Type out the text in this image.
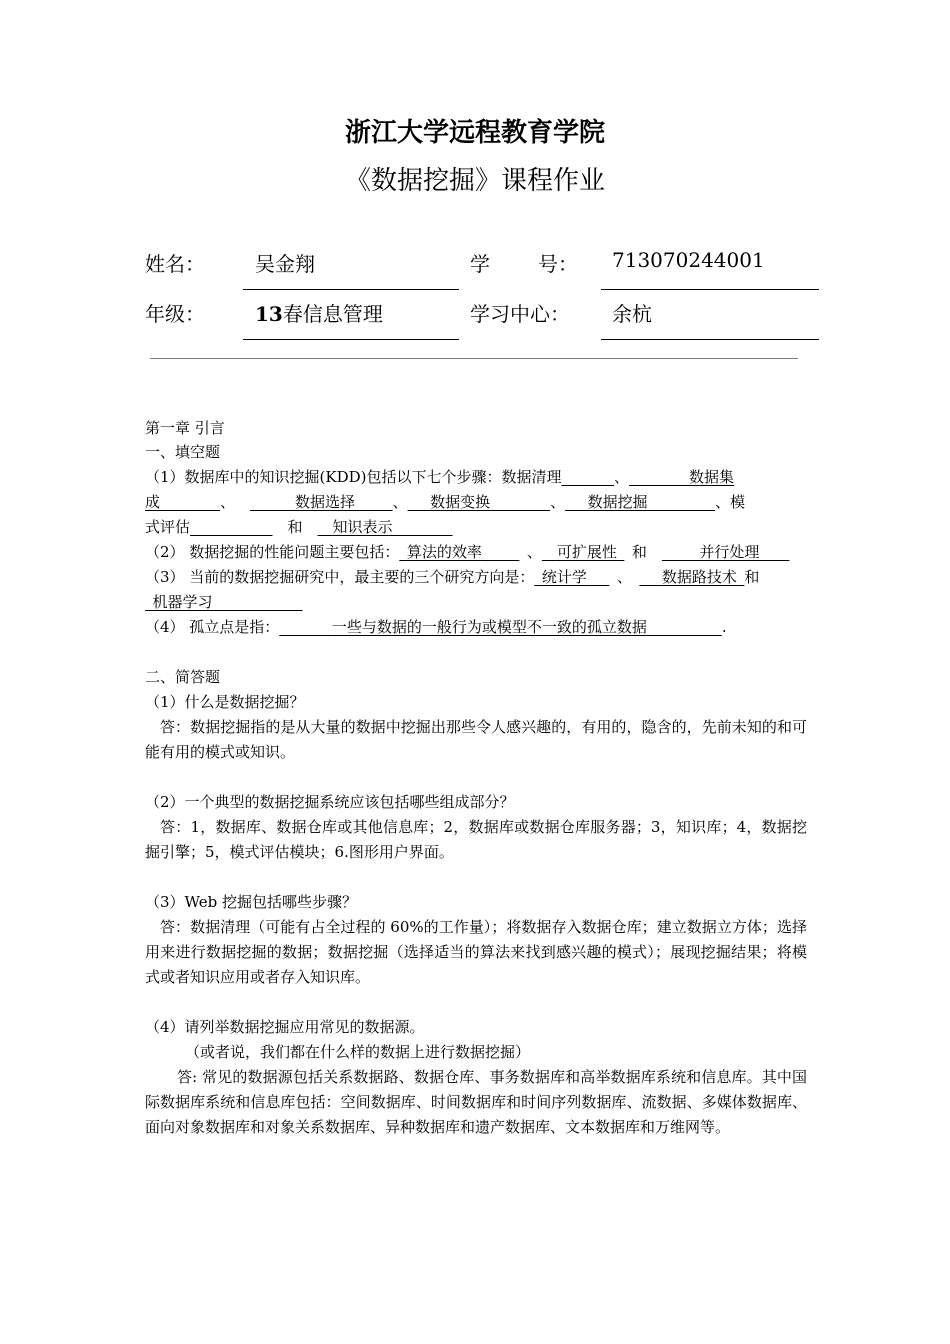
浙江大学远程教育学院
《数据挖掘》课程作业
姓名：	吴金翔	学 号： 713070244001
年级：	13春信息管理	学习中心： 余杭
第一章 引言
一、填空题
（1）数据库中的知识挖掘(KDD)包括以下七个步骤：数据清理       	、        	数据集
成        	、        	数据选择     	、    数据变换        	、    数据挖掘         	、模
式评估             	和     知识表示        
（2） 数据挖掘的性能问题主要包括：  算法的效率      	、   可扩展性   和       	并行处理    
（3） 当前的数据挖掘研究中，最主要的三个研究方向是：  统计学     、     数据路技术  和
 机器学习            
（4） 孤立点是指：       	一些与数据的一般行为或模型不一致的孤立数据          	.
二、简答题
（1）什么是数据挖掘？
答：数据挖掘指的是从大量的数据中挖掘出那些令人感兴趣的，有用的，隐含的，先前未知的和可能有用的模式或知识。
（2）一个典型的数据挖掘系统应该包括哪些组成部分？
答：1，数据库、数据仓库或其他信息库；2，数据库或数据仓库服务器；3，知识库；4，数据挖掘引擎；5，模式评估模块；6.图形用户界面。
（3）Web 挖掘包括哪些步骤？
答：数据清理（可能有占全过程的 60%的工作量）；将数据存入数据仓库；建立数据立方体；选择用来进行数据挖掘的数据；数据挖掘（选择适当的算法来找到感兴趣的模式）；展现挖掘结果；将模式或者知识应用或者存入知识库。
（4）请列举数据挖掘应用常见的数据源。
（或者说，我们都在什么样的数据上进行数据挖掘）
答: 常见的数据源包括关系数据路、数据仓库、事务数据库和高举数据库系统和信息库。其中国际数据库系统和信息库包括：空间数据库、时间数据库和时间序列数据库、流数据、多媒体数据库、面向对象数据库和对象关系数据库、异种数据库和遗产数据库、文本数据库和万维网等。
